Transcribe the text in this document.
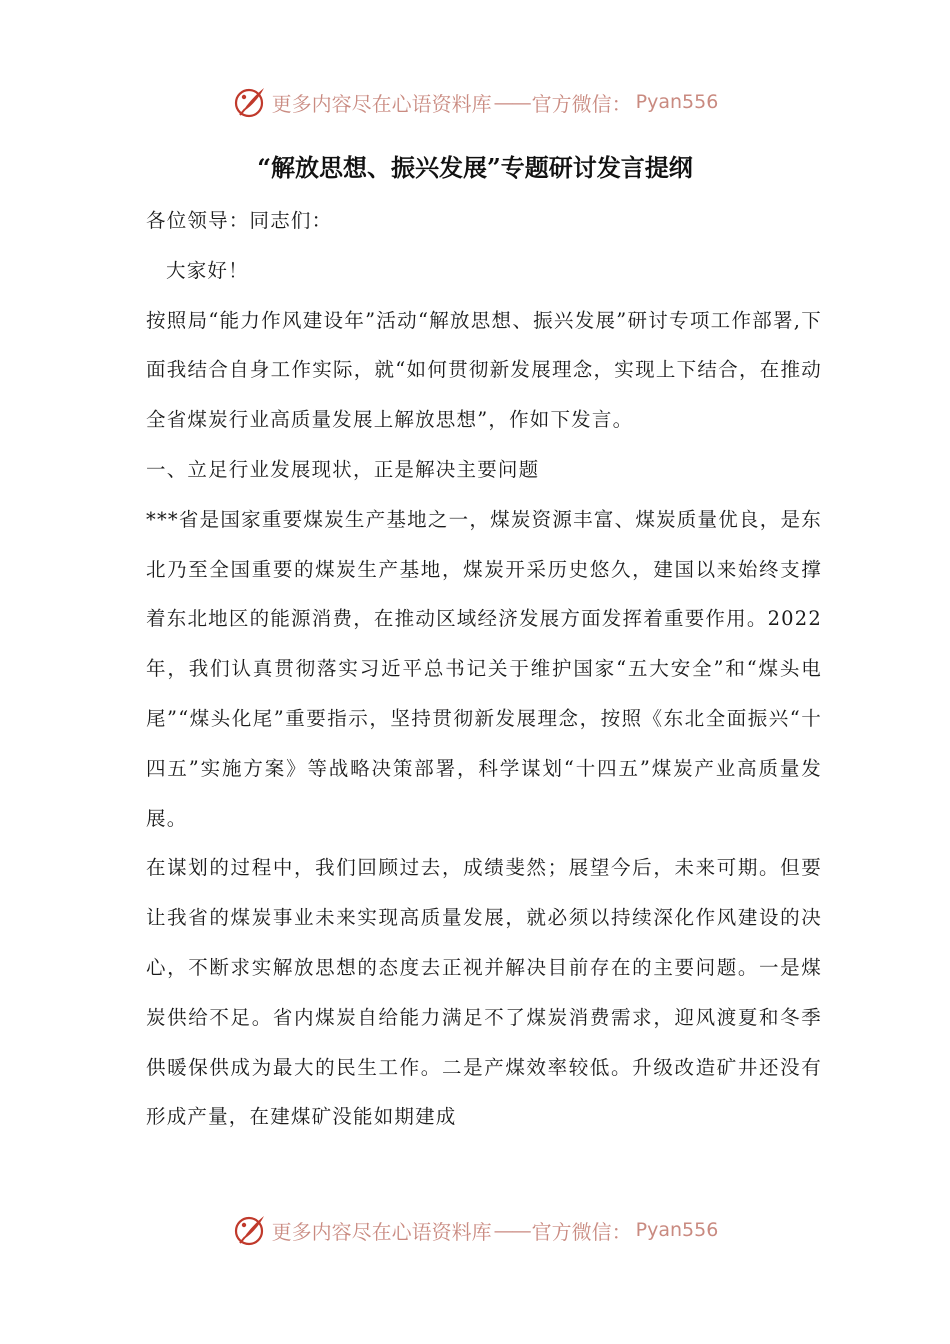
更多内容尽在心语资料库 —— 官方微信： Pyan556
“解放思想、振兴发展”专题研讨发言提纲

各位领导：同志们：

大家好！

按照局“能力作风建设年”活动“解放思想、振兴发展”研讨专项工作部署,下面我结合自身工作实际，就“如何贯彻新发展理念，实现上下结合，在推动全省煤炭行业高质量发展上解放思想”，作如下发言。

一、立足行业发展现状，正是解决主要问题

***省是国家重要煤炭生产基地之一，煤炭资源丰富、煤炭质量优良，是东北乃至全国重要的煤炭生产基地，煤炭开采历史悠久，建国以来始终支撑着东北地区的能源消费，在推动区域经济发展方面发挥着重要作用。2022年，我们认真贯彻落实习近平总书记关于维护国家“五大安全”和“煤头电尾”“煤头化尾”重要指示，坚持贯彻新发展理念，按照《东北全面振兴“十四五”实施方案》等战略决策部署，科学谋划“十四五”煤炭产业高质量发展。

在谋划的过程中，我们回顾过去，成绩斐然；展望今后，未来可期。但要让我省的煤炭事业未来实现高质量发展，就必须以持续深化作风建设的决心，不断求实解放思想的态度去正视并解决目前存在的主要问题。一是煤炭供给不足。省内煤炭自给能力满足不了煤炭消费需求，迎风渡夏和冬季供暖保供成为最大的民生工作。二是产煤效率较低。升级改造矿井还没有形成产量，在建煤矿没能如期建成

更多内容尽在心语资料库 —— 官方微信： Pyan556
